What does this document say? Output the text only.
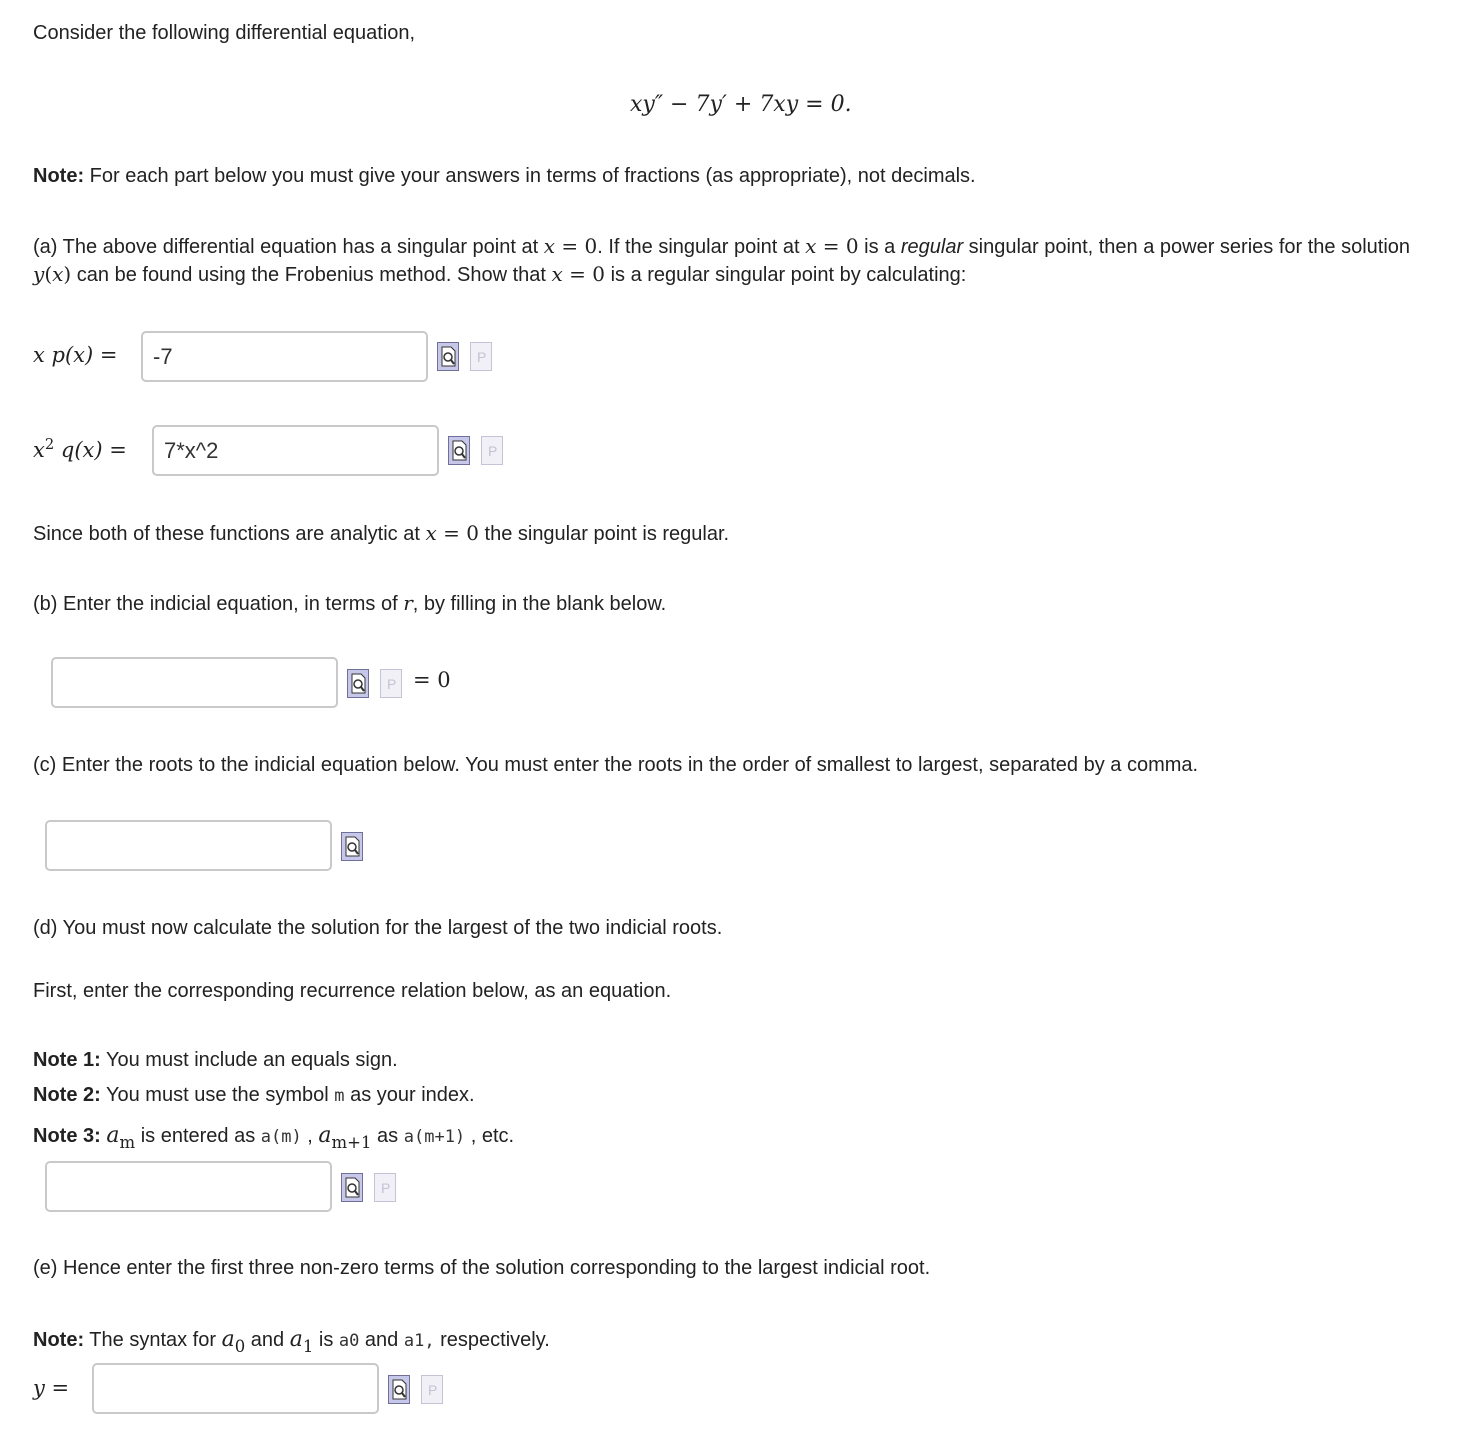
Consider the following differential equation,
xy″ − 7y′ + 7xy = 0.
Note: For each part below you must give your answers in terms of fractions (as appropriate), not decimals.
(a) The above differential equation has a singular point at x = 0. If the singular point at x = 0 is a regular singular point, then a power series for the solution
y(x) can be found using the Frobenius method. Show that x = 0 is a regular singular point by calculating:
x p(x) =
-7	P
$x^2$ q(x) =
7*x^2	P
Since both of these functions are analytic at x = 0 the singular point is regular.
(b) Enter the indicial equation, in terms of r, by filling in the blank below.
P = 0
(c) Enter the roots to the indicial equation below. You must enter the roots in the order of smallest to largest, separated by a comma.
(d) You must now calculate the solution for the largest of the two indicial roots.
First, enter the corresponding recurrence relation below, as an equation.
Note 1: You must include an equals sign.
Note 2: You must use the symbol m as your index.
Note 3: $a_m$ is entered as a(m) , $a_{m+1}$ as a(m+1) , etc.
P
(e) Hence enter the first three non-zero terms of the solution corresponding to the largest indicial root.
Note: The syntax for $a_0$ and $a_1$ is a0 and a1, respectively.
y =	P
